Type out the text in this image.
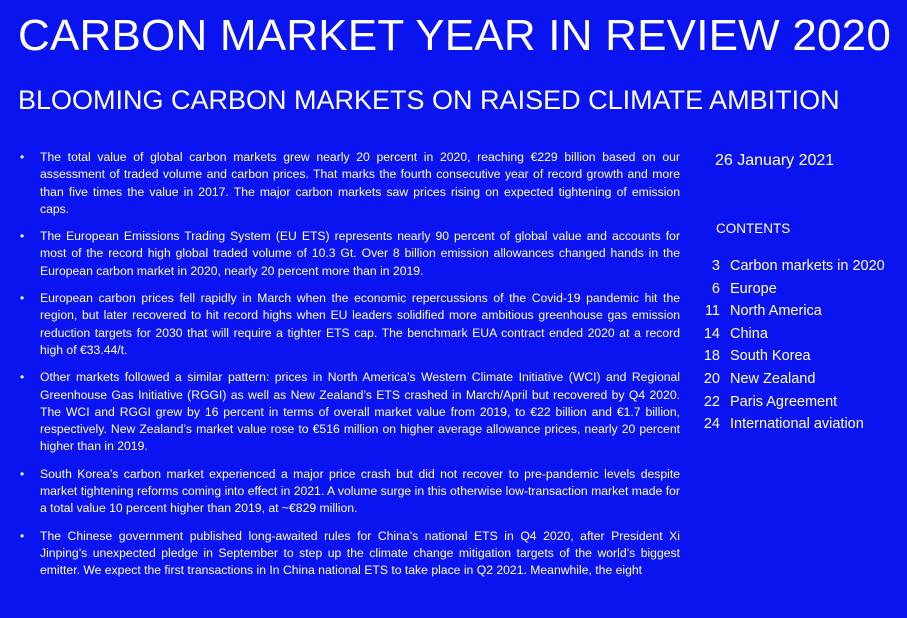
CARBON MARKET YEAR IN REVIEW 2020
BLOOMING CARBON MARKETS ON RAISED CLIMATE AMBITION
• The total value of global carbon markets grew nearly 20 percent in 2020, reaching €229 billion based on our assessment of traded volume and carbon prices. That marks the fourth consecutive year of record growth and more than five times the value in 2017. The major carbon markets saw prices rising on expected tightening of emission caps.
• The European Emissions Trading System (EU ETS) represents nearly 90 percent of global value and accounts for most of the record high global traded volume of 10.3 Gt. Over 8 billion emission allowances changed hands in the European carbon market in 2020, nearly 20 percent more than in 2019.
• European carbon prices fell rapidly in March when the economic repercussions of the Covid-19 pandemic hit the region, but later recovered to hit record highs when EU leaders solidified more ambitious greenhouse gas emission reduction targets for 2030 that will require a tighter ETS cap. The benchmark EUA contract ended 2020 at a record high of €33.44/t.
• Other markets followed a similar pattern: prices in North America’s Western Climate Initiative (WCI) and Regional Greenhouse Gas Initiative (RGGI) as well as New Zealand’s ETS crashed in March/April but recovered by Q4 2020. The WCI and RGGI grew by 16 percent in terms of overall market value from 2019, to €22 billion and €1.7 billion, respectively. New Zealand’s market value rose to €516 million on higher average allowance prices, nearly 20 percent higher than in 2019.
• South Korea’s carbon market experienced a major price crash but did not recover to pre-pandemic levels despite market tightening reforms coming into effect in 2021. A volume surge in this otherwise low-transaction market made for a total value 10 percent higher than 2019, at ~€829 million.
• The Chinese government published long-awaited rules for China’s national ETS in Q4 2020, after President Xi Jinping’s unexpected pledge in September to step up the climate change mitigation targets of the world’s biggest emitter. We expect the first transactions in In China national ETS to take place in Q2 2021. Meanwhile, the eight
26 January 2021
CONTENTS
3 Carbon markets in 2020
6 Europe
11 North America
14 China
18 South Korea
20 New Zealand
22 Paris Agreement
24 International aviation
